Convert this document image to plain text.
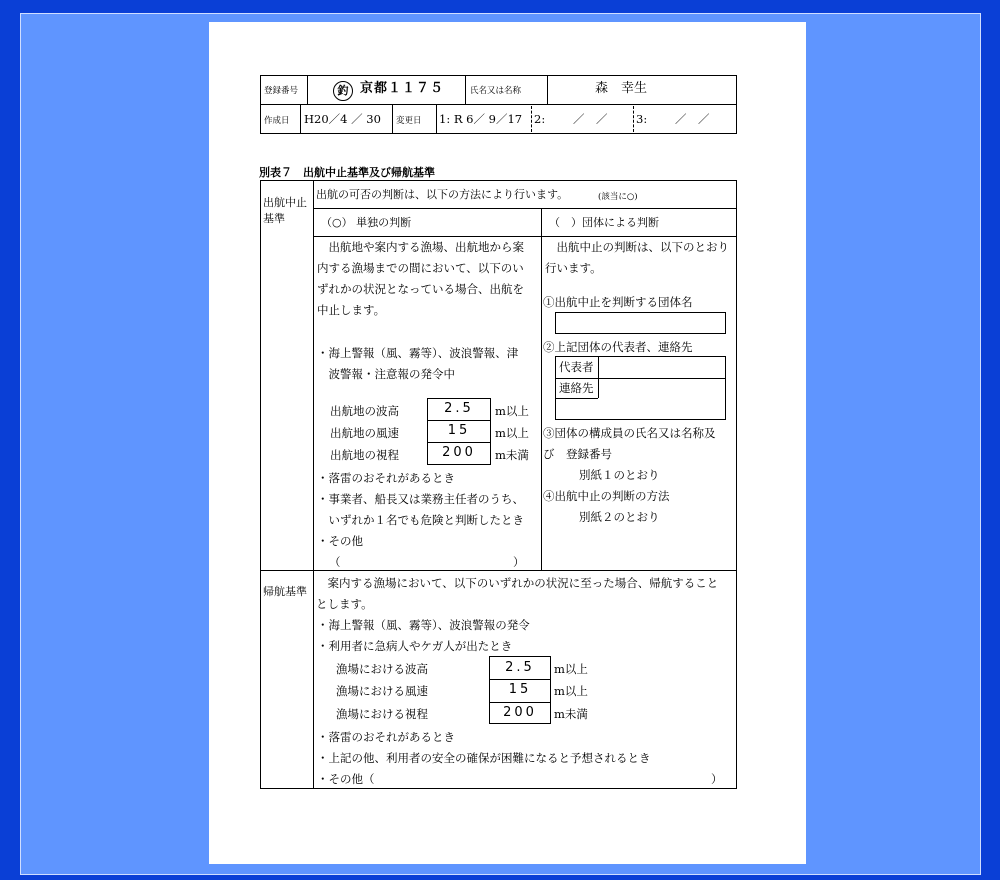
登録番号	釣 京都１１７５	氏名又は名称	森　幸生
作成日 H20／4 ／ 30 変更日 1: R 6／ 9／17 2: ／　／ 3: ／　／
別表７　出航中止基準及び帰航基準
出航中止
基準
出航の可否の判断は、以下の方法により行います。	(該当に○)
（○） 単独の判断	（　）団体による判断
　出航地や案内する漁場、出航地から案
内する漁場までの間において、以下のい
ずれかの状況となっている場合、出航を
中止します。
・海上警報（風、霧等）、波浪警報、津
　波警報・注意報の発令中
出航地の波高	2.5	m以上
出航地の風速	15	m以上
出航地の視程	200	m未満
・落雷のおそれがあるとき
・事業者、船長又は業務主任者のうち、
　いずれか１名でも危険と判断したとき
・その他
（　　　　　　　　　　　　　　　）
　出航中止の判断は、以下のとおり
行います。
①出航中止を判断する団体名
②上記団体の代表者、連絡先
代表者
連絡先
③団体の構成員の氏名又は名称及
び　登録番号
別紙１のとおり
④出航中止の判断の方法
別紙２のとおり
帰航基準
　案内する漁場において、以下のいずれかの状況に至った場合、帰航すること
とします。
・海上警報（風、霧等）、波浪警報の発令
・利用者に急病人やケガ人が出たとき
漁場における波高	2.5	m以上
漁場における風速	15	m以上
漁場における視程	200	m未満
・落雷のおそれがあるとき
・上記の他、利用者の安全の確保が困難になると予想されるとき
・その他（	）
